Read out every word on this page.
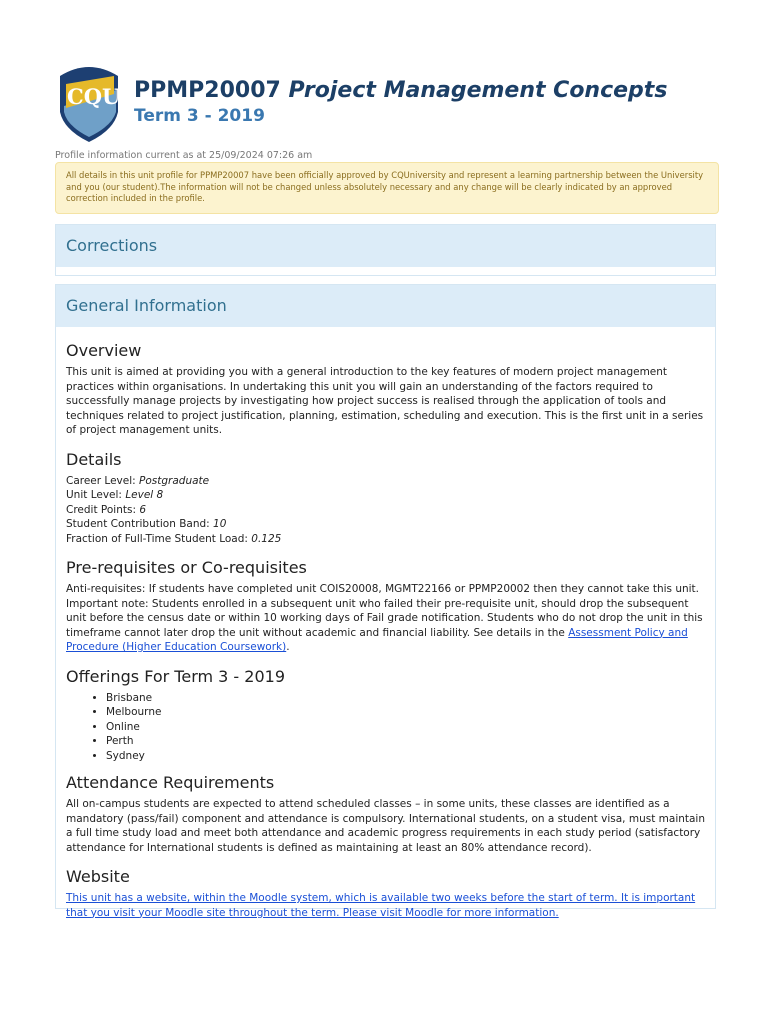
CQU PPMP20007 Project Management Concepts
Term 3 - 2019
Profile information current as at 25/09/2024 07:26 am
All details in this unit profile for PPMP20007 have been officially approved by CQUniversity and represent a learning partnership between the University and you (our student).The information will not be changed unless absolutely necessary and any change will be clearly indicated by an approved correction included in the profile.
Corrections
General Information
Overview

This unit is aimed at providing you with a general introduction to the key features of modern project management practices within organisations. In undertaking this unit you will gain an understanding of the factors required to successfully manage projects by investigating how project success is realised through the application of tools and techniques related to project justification, planning, estimation, scheduling and execution. This is the first unit in a series of project management units.

Details
Career Level: Postgraduate
Unit Level: Level 8
Credit Points: 6
Student Contribution Band: 10
Fraction of Full-Time Student Load: 0.125
Pre-requisites or Co-requisites
Anti-requisites: If students have completed unit COIS20008, MGMT22166 or PPMP20002 then they cannot take this unit.
Important note: Students enrolled in a subsequent unit who failed their pre-requisite unit, should drop the subsequent unit before the census date or within 10 working days of Fail grade notification. Students who do not drop the unit in this timeframe cannot later drop the unit without academic and financial liability. See details in the Assessment Policy and Procedure (Higher Education Coursework).
Offerings For Term 3 - 2019
• Brisbane
• Melbourne
• Online
• Perth
• Sydney
Attendance Requirements

All on-campus students are expected to attend scheduled classes – in some units, these classes are identified as a mandatory (pass/fail) component and attendance is compulsory. International students, on a student visa, must maintain a full time study load and meet both attendance and academic progress requirements in each study period (satisfactory attendance for International students is defined as maintaining at least an 80% attendance record).

Website

This unit has a website, within the Moodle system, which is available two weeks before the start of term. It is important that you visit your Moodle site throughout the term. Please visit Moodle for more information.
